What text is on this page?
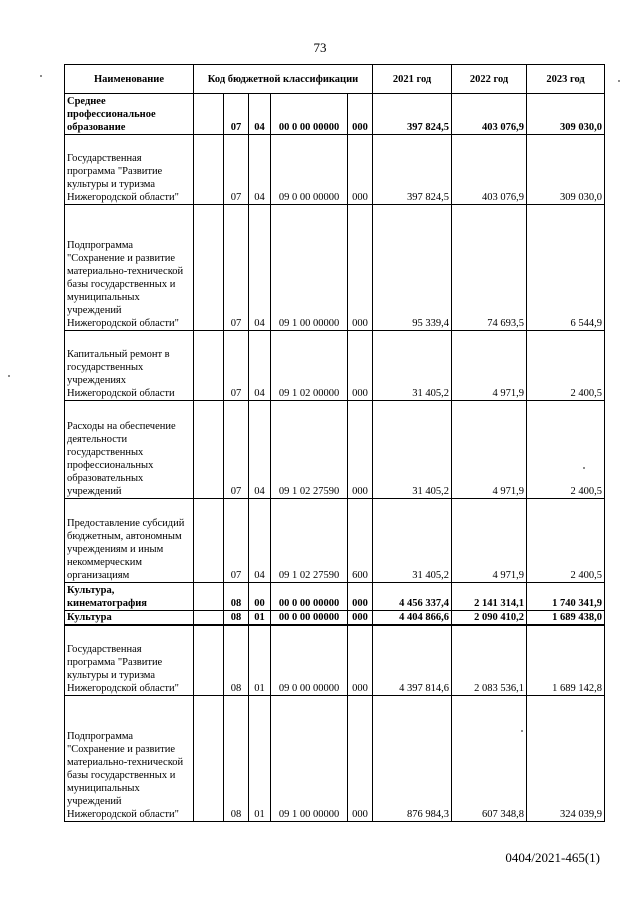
73
Наименование	Код бюджетной классификации					2021 год	2022 год	2023 год
Среднее профессиональное образование		07	04	00 0 00 00000	000	397 824,5	403 076,9	309 030,0
Государственная программа "Развитие культуры и туризма Нижегородской области"		07	04	09 0 00 00000	000	397 824,5	403 076,9	309 030,0
Подпрограмма "Сохранение и развитие материально-технической базы государственных и муниципальных учреждений Нижегородской области"		07	04	09 1 00 00000	000	95 339,4	74 693,5	6 544,9
Капитальный ремонт в государственных учреждениях Нижегородской области		07	04	09 1 02 00000	000	31 405,2	4 971,9	2 400,5
Расходы на обеспечение деятельности государственных профессиональных образовательных учреждений		07	04	09 1 02 27590	000	31 405,2	4 971,9	2 400,5
Предоставление субсидий бюджетным, автономным учреждениям и иным некоммерческим организациям		07	04	09 1 02 27590	600	31 405,2	4 971,9	2 400,5
Культура, кинематография		08	00	00 0 00 00000	000	4 456 337,4	2 141 314,1	1 740 341,9
Культура		08	01	00 0 00 00000	000	4 404 866,6	2 090 410,2	1 689 438,0
Государственная программа "Развитие культуры и туризма Нижегородской области"		08	01	09 0 00 00000	000	4 397 814,6	2 083 536,1	1 689 142,8
Подпрограмма "Сохранение и развитие материально-технической базы государственных и муниципальных учреждений Нижегородской области"		08	01	09 1 00 00000	000	876 984,3	607 348,8	324 039,9
0404/2021-465(1)
